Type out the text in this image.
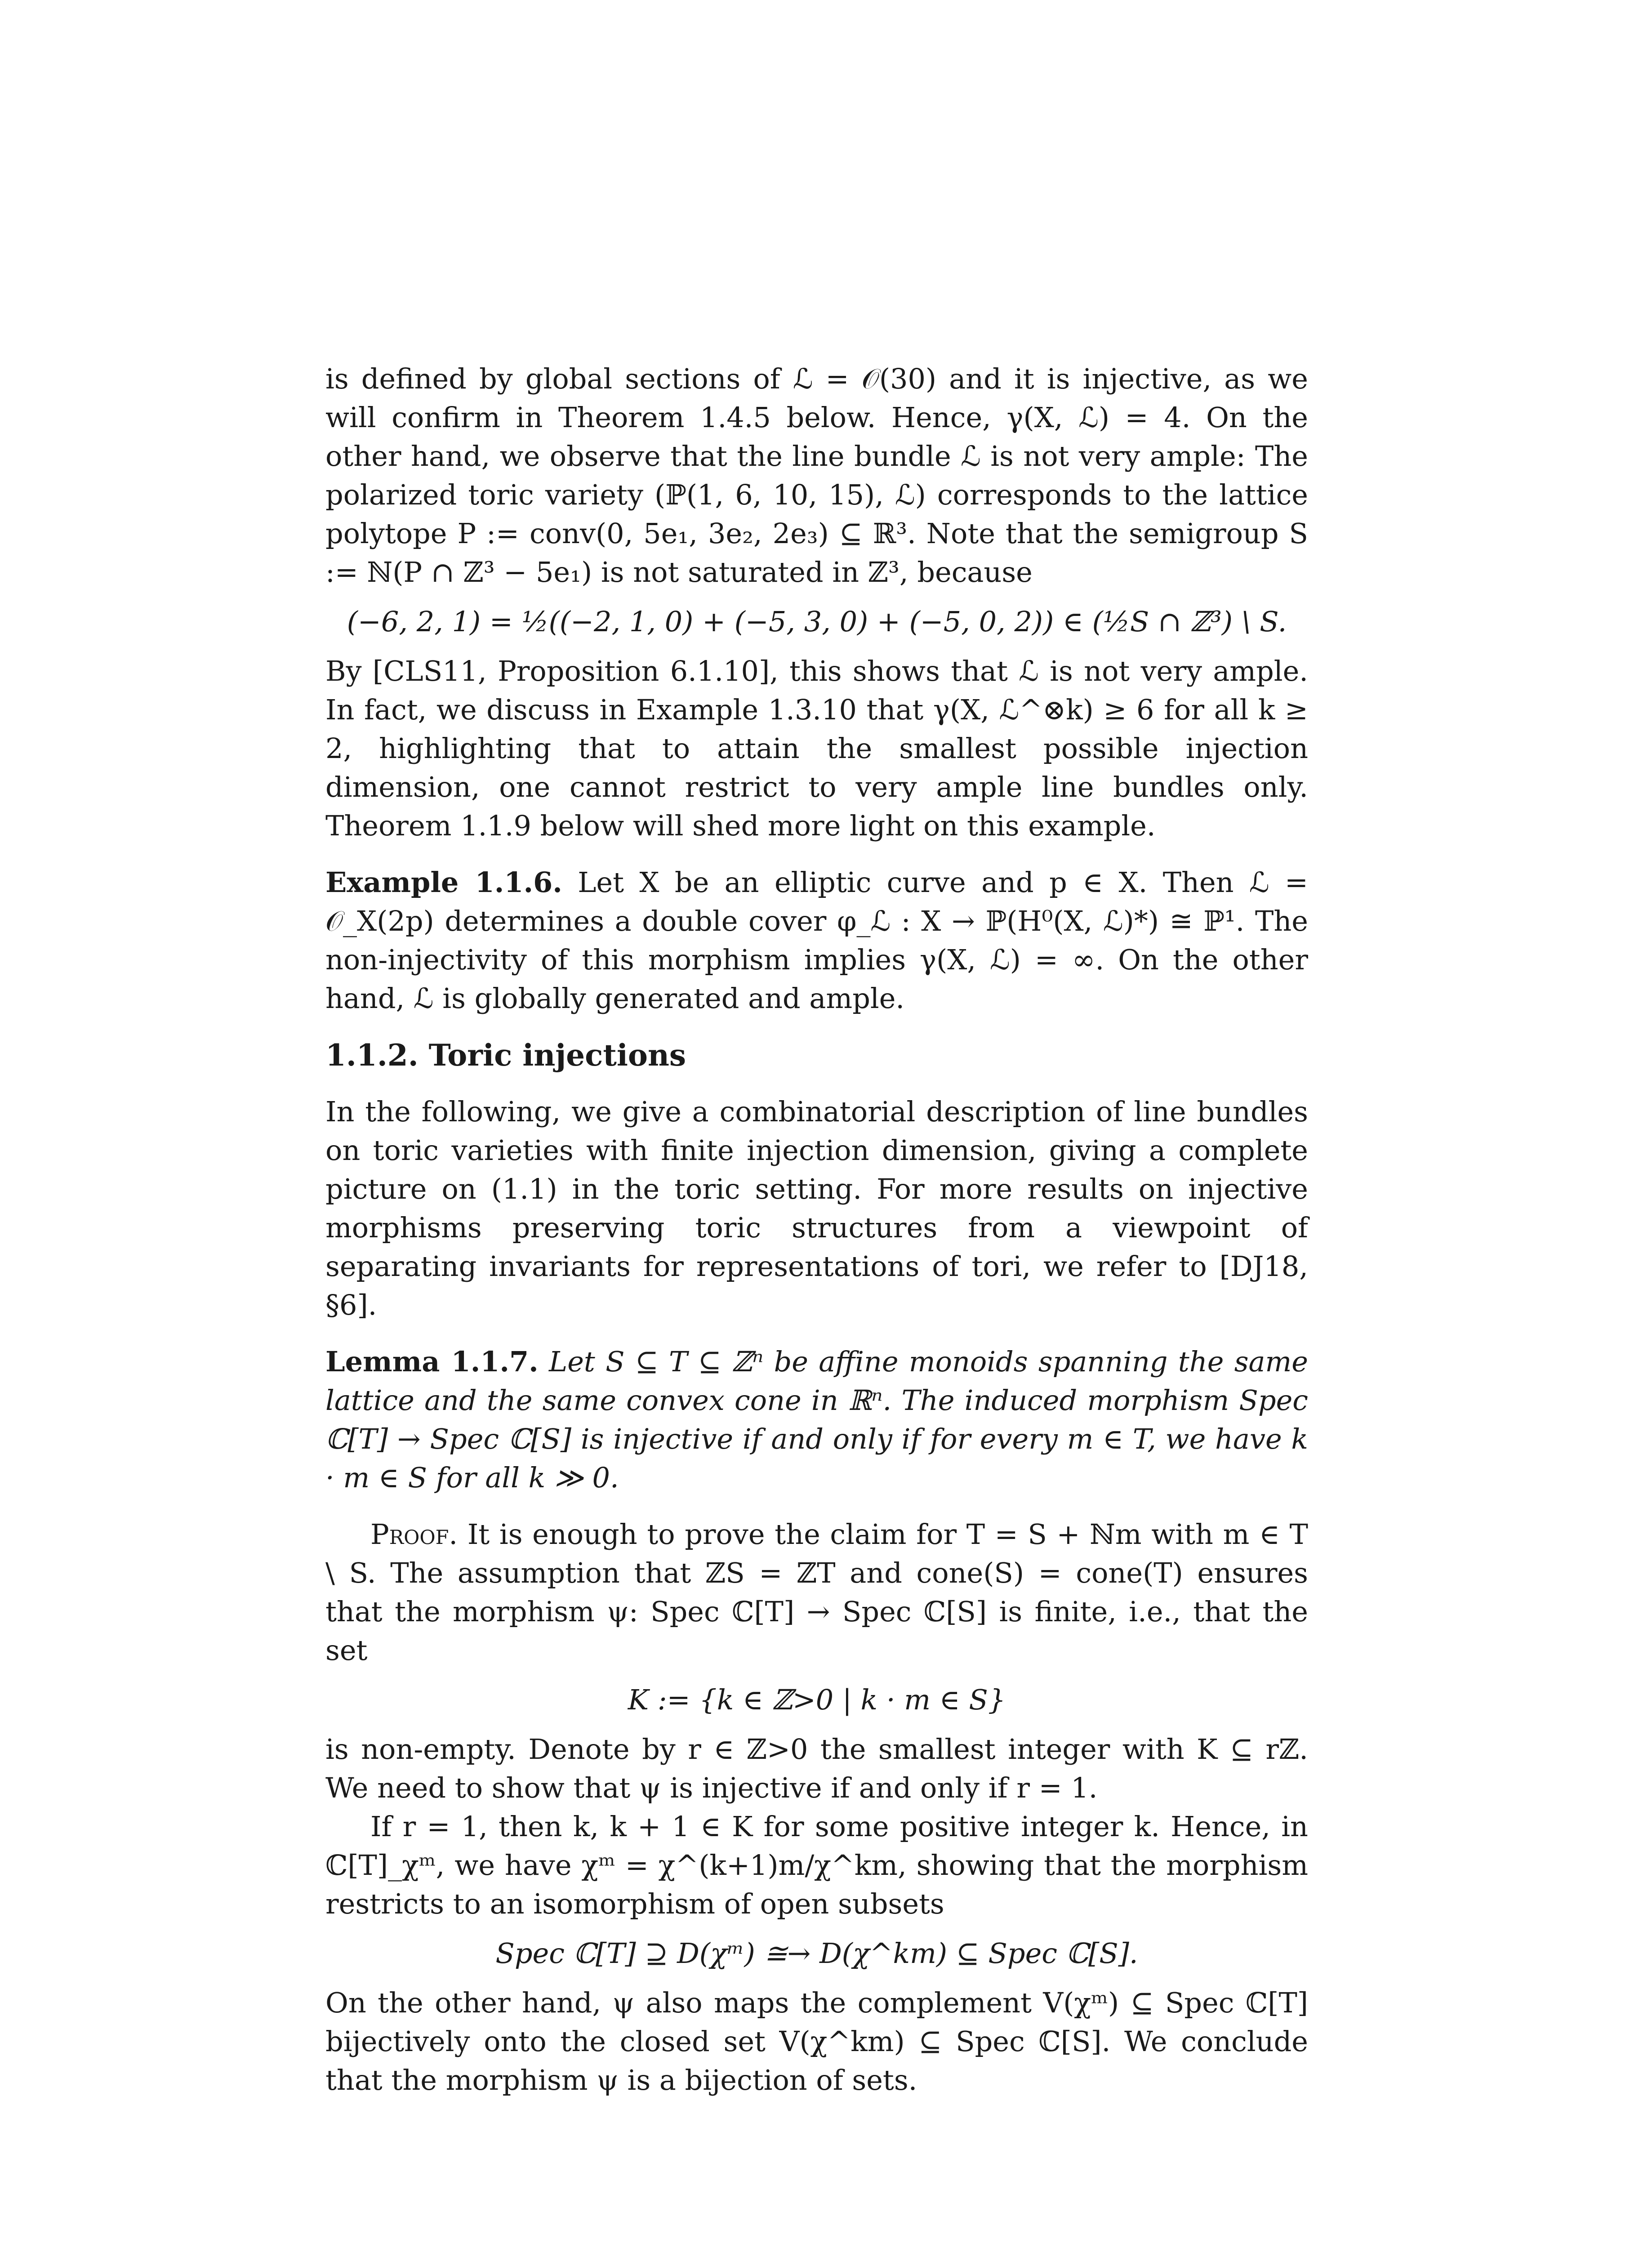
is defined by global sections of ℒ = 𝒪(30) and it is injective, as we will confirm in Theorem 1.4.5 below. Hence, γ(X, ℒ) = 4. On the other hand, we observe that the line bundle ℒ is not very ample: The polarized toric variety (ℙ(1, 6, 10, 15), ℒ) corresponds to the lattice polytope P := conv(0, 5e₁, 3e₂, 2e₃) ⊆ ℝ³. Note that the semigroup S := ℕ(P ∩ ℤ³ − 5e₁) is not saturated in ℤ³, because

(−6, 2, 1) = ½((−2, 1, 0) + (−5, 3, 0) + (−5, 0, 2)) ∈ (½S ∩ ℤ³) \ S.

By [CLS11, Proposition 6.1.10], this shows that ℒ is not very ample. In fact, we discuss in Example 1.3.10 that γ(X, ℒ^⊗k) ≥ 6 for all k ≥ 2, highlighting that to attain the smallest possible injection dimension, one cannot restrict to very ample line bundles only. Theorem 1.1.9 below will shed more light on this example.

Example 1.1.6. Let X be an elliptic curve and p ∈ X. Then ℒ = 𝒪_X(2p) determines a double cover φ_ℒ : X → ℙ(H⁰(X, ℒ)*) ≅ ℙ¹. The non-injectivity of this morphism implies γ(X, ℒ) = ∞. On the other hand, ℒ is globally generated and ample.

1.1.2. Toric injections

In the following, we give a combinatorial description of line bundles on toric varieties with finite injection dimension, giving a complete picture on (1.1) in the toric setting. For more results on injective morphisms preserving toric structures from a viewpoint of separating invariants for representations of tori, we refer to [DJ18, §6].

Lemma 1.1.7. Let S ⊆ T ⊆ ℤⁿ be affine monoids spanning the same lattice and the same convex cone in ℝⁿ. The induced morphism Spec ℂ[T] → Spec ℂ[S] is injective if and only if for every m ∈ T, we have k · m ∈ S for all k ≫ 0.

Proof. It is enough to prove the claim for T = S + ℕm with m ∈ T \ S. The assumption that ℤS = ℤT and cone(S) = cone(T) ensures that the morphism ψ: Spec ℂ[T] → Spec ℂ[S] is finite, i.e., that the set

K := {k ∈ ℤ>0 | k · m ∈ S}

is non-empty. Denote by r ∈ ℤ>0 the smallest integer with K ⊆ rℤ. We need to show that ψ is injective if and only if r = 1.

If r = 1, then k, k + 1 ∈ K for some positive integer k. Hence, in ℂ[T]_χᵐ, we have χᵐ = χ^(k+1)m/χ^km, showing that the morphism restricts to an isomorphism of open subsets

Spec ℂ[T] ⊇ D(χᵐ) ≅→ D(χ^km) ⊆ Spec ℂ[S].

On the other hand, ψ also maps the complement V(χᵐ) ⊆ Spec ℂ[T] bijectively onto the closed set V(χ^km) ⊆ Spec ℂ[S]. We conclude that the morphism ψ is a bijection of sets.
